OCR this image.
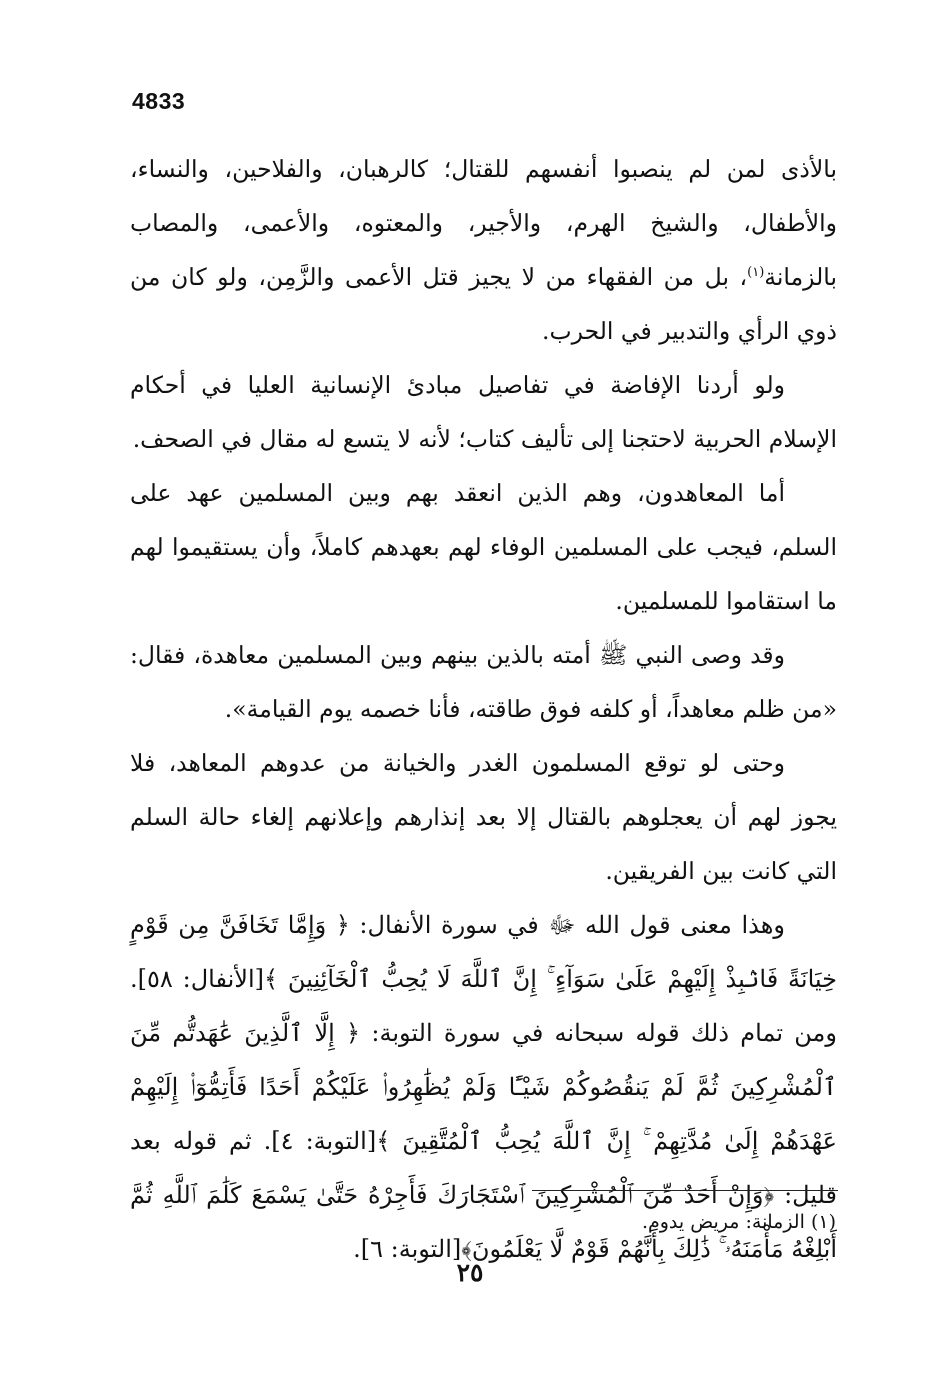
4833

بالأذى لمن لم ينصبوا أنفسهم للقتال؛ كالرهبان، والفلاحين، والنساء، والأطفال، والشيخ الهرم، والأجير، والمعتوه، والأعمى، والمصاب بالزمانة$^{(١)}$، بل من الفقهاء من لا يجيز قتل الأعمى والزَّمِن، ولو كان من ذوي الرأي والتدبير في الحرب.

ولو أردنا الإفاضة في تفاصيل مبادئ الإنسانية العليا في أحكام الإسلام الحربية لاحتجنا إلى تأليف كتاب؛ لأنه لا يتسع له مقال في الصحف.

أما المعاهدون، وهم الذين انعقد بهم وبين المسلمين عهد على السلم، فيجب على المسلمين الوفاء لهم بعهدهم كاملاً، وأن يستقيموا لهم ما استقاموا للمسلمين.

وقد وصى النبي ﷺ أمته بالذين بينهم وبين المسلمين معاهدة، فقال: «من ظلم معاهداً، أو كلفه فوق طاقته، فأنا خصمه يوم القيامة».

وحتى لو توقع المسلمون الغدر والخيانة من عدوهم المعاهد، فلا يجوز لهم أن يعجلوهم بالقتال إلا بعد إنذارهم وإعلانهم إلغاء حالة السلم التي كانت بين الفريقين.

وهذا معنى قول الله ﷻ في سورة الأنفال: ﴿ وَإِمَّا تَخَافَنَّ مِن قَوْمٍ خِيَانَةً فَانۢبِذْ إِلَيْهِمْ عَلَىٰ سَوَآءٍ ۚ إِنَّ ٱللَّهَ لَا يُحِبُّ ٱلْخَآئِنِينَ ﴾[الأنفال: ٥٨]. ومن تمام ذلك قوله سبحانه في سورة التوبة: ﴿ إِلَّا ٱلَّذِينَ عَٰهَدتُّم مِّنَ ٱلْمُشْرِكِينَ ثُمَّ لَمْ يَنقُصُوكُمْ شَيْـًٔا وَلَمْ يُظَٰهِرُوا۟ عَلَيْكُمْ أَحَدًا فَأَتِمُّوٓا۟ إِلَيْهِمْ عَهْدَهُمْ إِلَىٰ مُدَّتِهِمْ ۚ إِنَّ ٱللَّهَ يُحِبُّ ٱلْمُتَّقِينَ ﴾[التوبة: ٤]. ثم قوله بعد قليل: ﴿وَإِنْ أَحَدٌ مِّنَ ٱلْمُشْرِكِينَ ٱسْتَجَارَكَ فَأَجِرْهُ حَتَّىٰ يَسْمَعَ كَلَٰمَ ٱللَّهِ ثُمَّ أَبْلِغْهُ مَأْمَنَهُۥ ۚ ذَٰلِكَ بِأَنَّهُمْ قَوْمٌ لَّا يَعْلَمُونَ﴾[التوبة: ٦].

(١) الزمانة: مريض يدوم.
٢٥
